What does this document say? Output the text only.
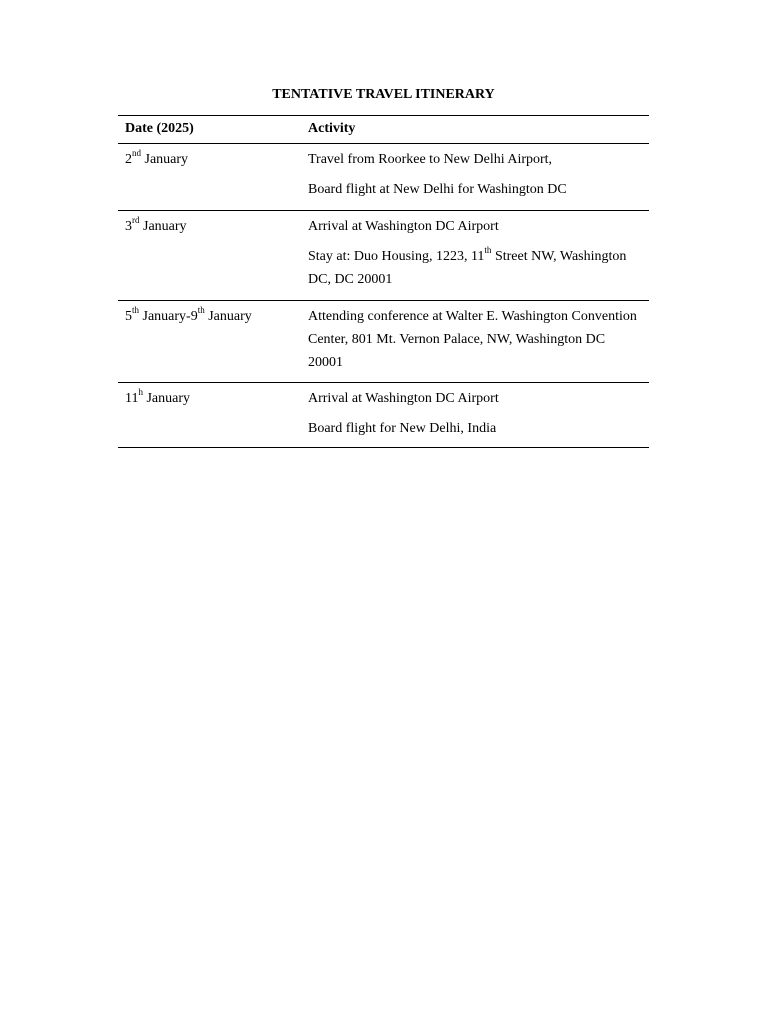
TENTATIVE TRAVEL ITINERARY
Date (2025)	Activity
2nd January	Travel from Roorkee to New Delhi Airport,
Board flight at New Delhi for Washington DC
3rd January	Arrival at Washington DC Airport
Stay at: Duo Housing, 1223, 11th Street NW, Washington DC, DC 20001
5th January-9th January	Attending conference at Walter E. Washington Convention Center, 801 Mt. Vernon Palace, NW, Washington DC 20001
11$^h$ January	Arrival at Washington DC Airport
Board flight for New Delhi, India
